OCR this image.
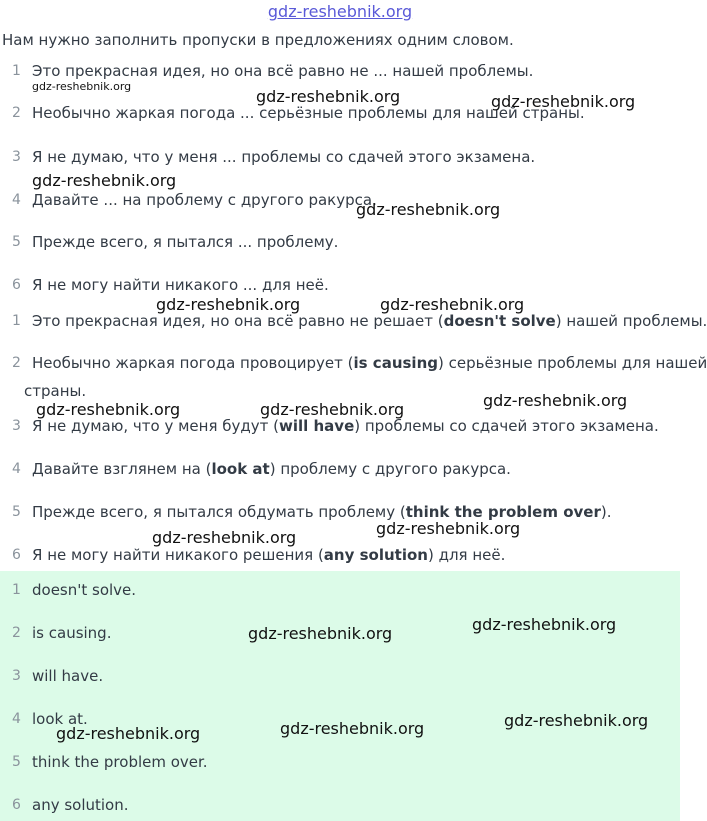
gdz-reshebnik.org
Нам нужно заполнить пропуски в предложениях одним словом.
1 Это прекрасная идея, но она всё равно не ... нашей проблемы.
2 Необычно жаркая погода ... серьёзные проблемы для нашей страны.
3 Я не думаю, что у меня ... проблемы со сдачей этого экзамена.
4 Давайте ... на проблему с другого ракурса.
5 Прежде всего, я пытался ... проблему.
6 Я не могу найти никакого ... для неё.
1 Это прекрасная идея, но она всё равно не решает (doesn't solve) нашей проблемы.
2 Необычно жаркая погода провоцирует (is causing) серьёзные проблемы для нашей
страны.
3 Я не думаю, что у меня будут (will have) проблемы со сдачей этого экзамена.
4 Давайте взглянем на (look at) проблему с другого ракурса.
5 Прежде всего, я пытался обдумать проблему (think the problem over).
6 Я не могу найти никакого решения (any solution) для неё.
1 doesn't solve.
2 is causing.
3 will have.
4 look at.
5 think the problem over.
6 any solution.
gdz-reshebnik.org
gdz-reshebnik.org	gdz-reshebnik.org
gdz-reshebnik.org
gdz-reshebnik.org
gdz-reshebnik.org	gdz-reshebnik.org
gdz-reshebnik.org
gdz-reshebnik.org	gdz-reshebnik.org
gdz-reshebnik.org
gdz-reshebnik.org
gdz-reshebnik.org
gdz-reshebnik.org
gdz-reshebnik.org
gdz-reshebnik.org
gdz-reshebnik.org
